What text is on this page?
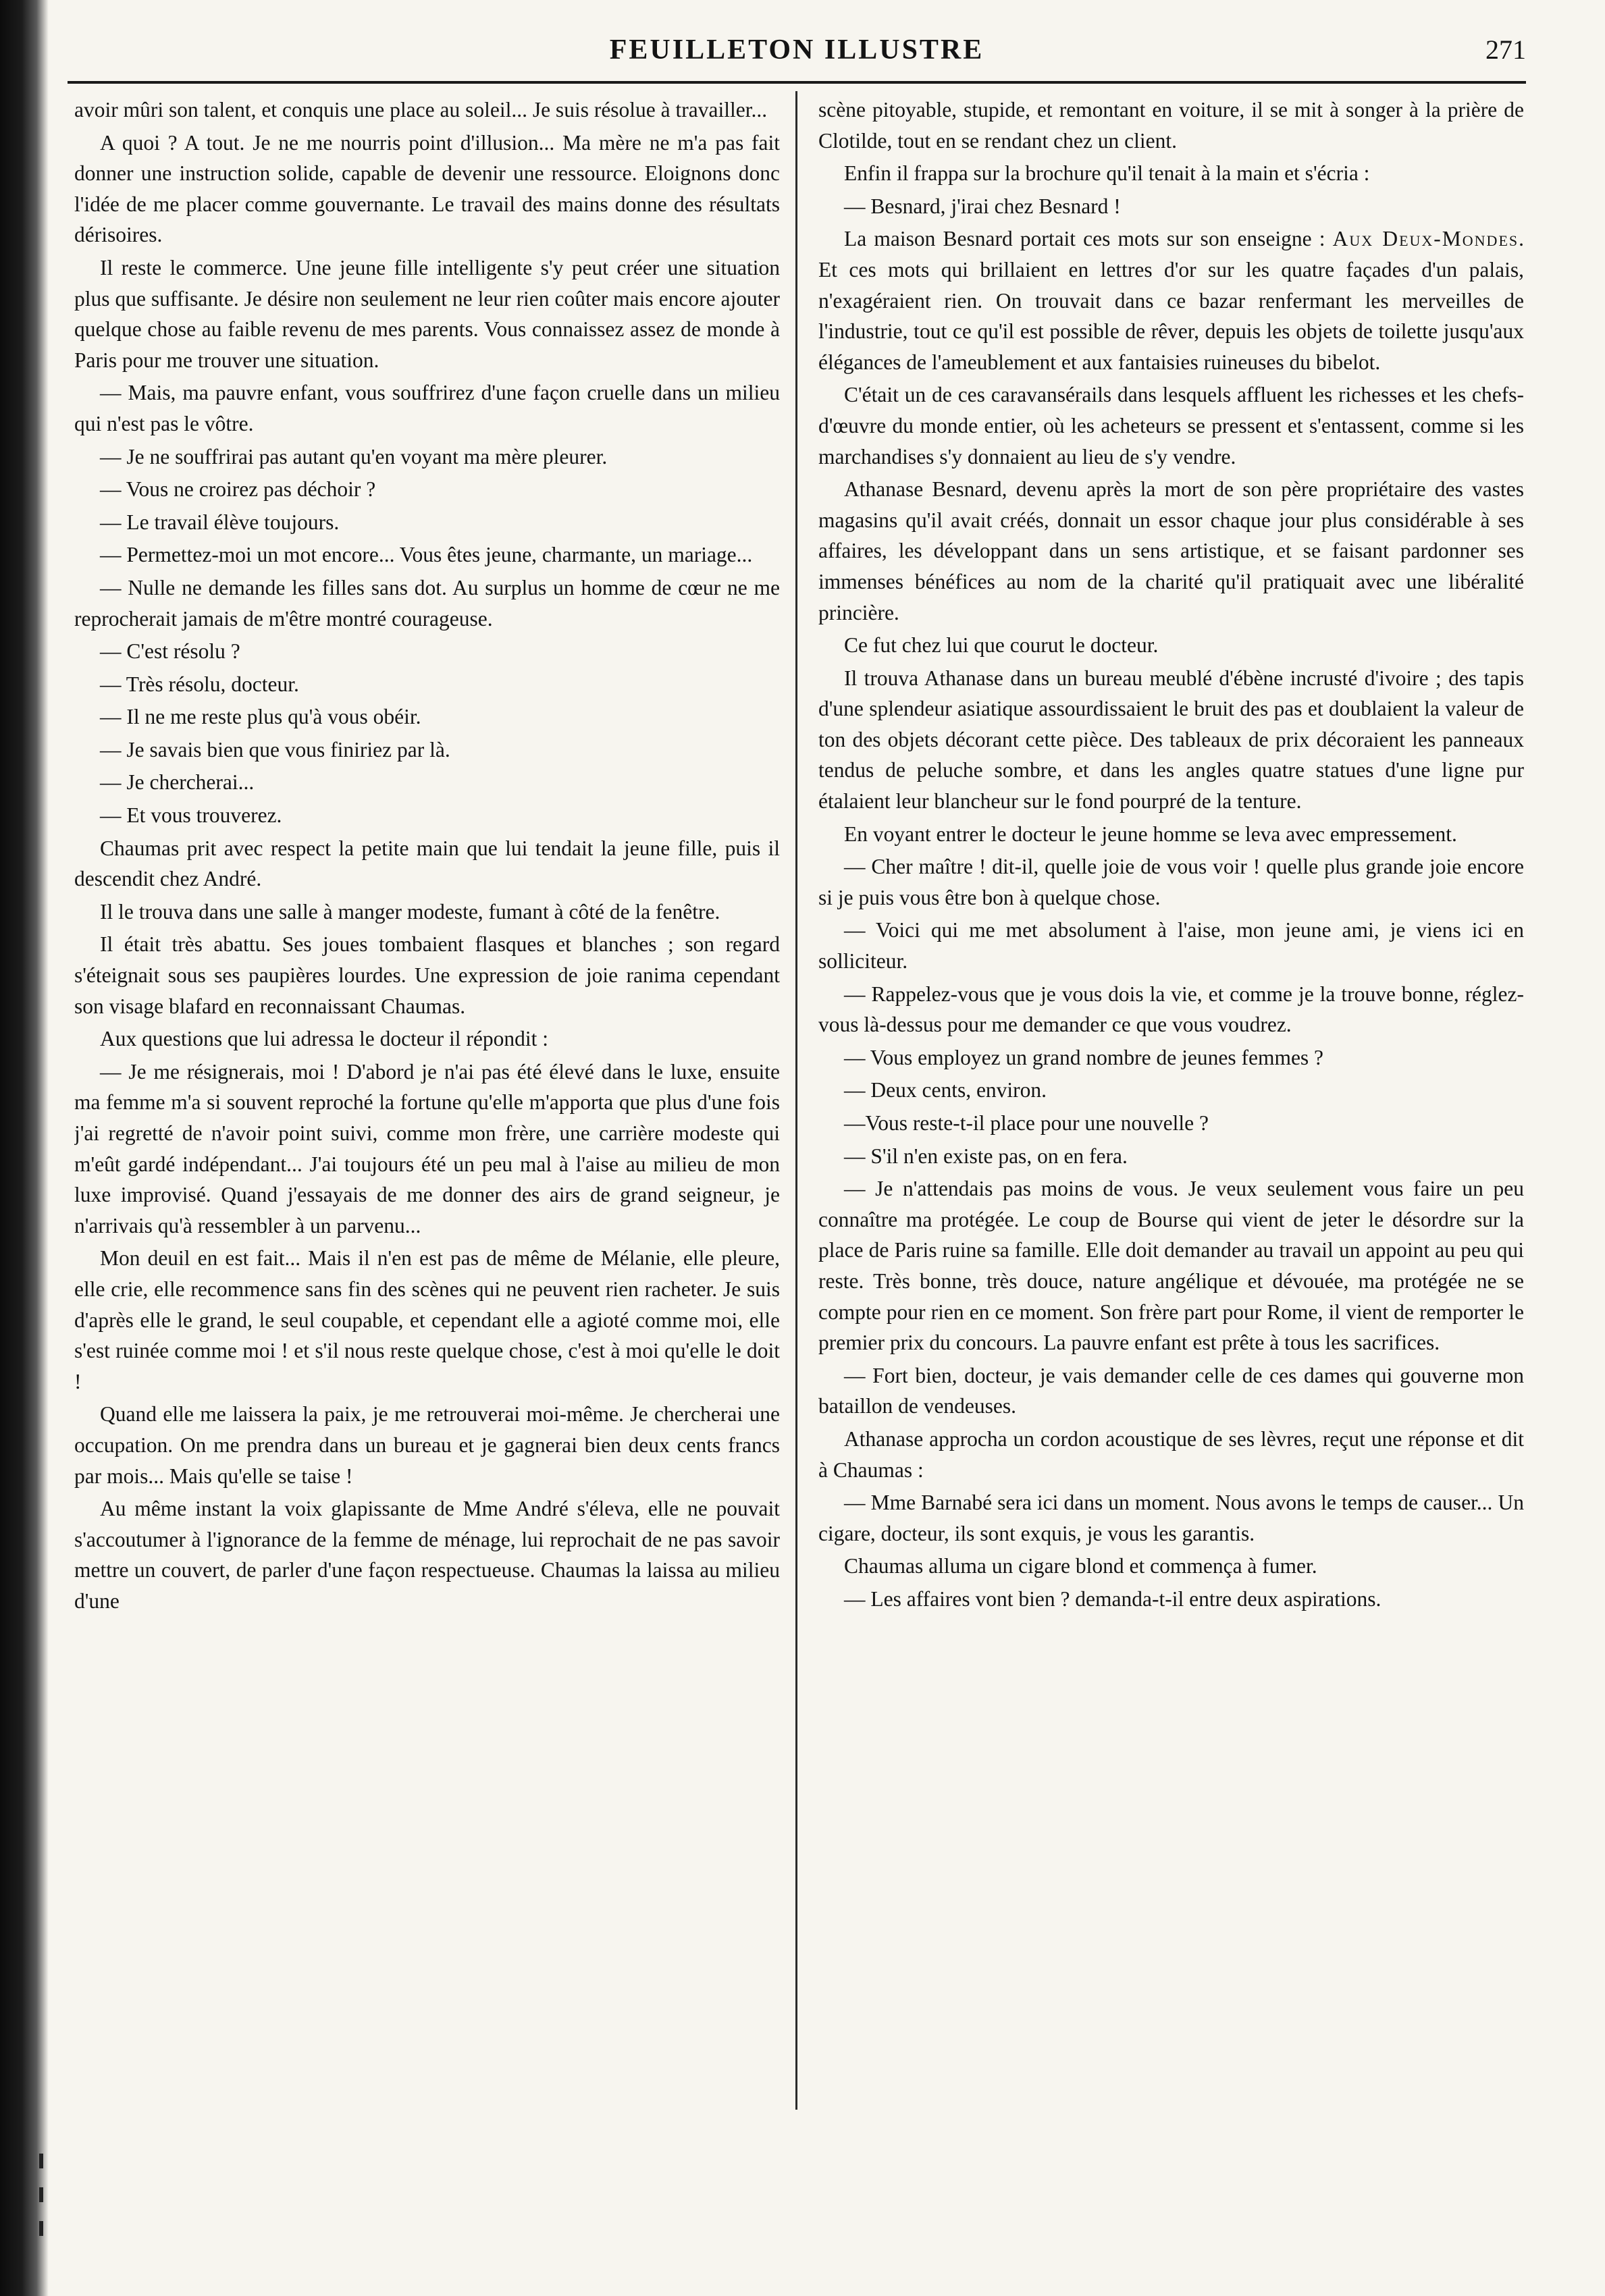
FEUILLETON ILLUSTRE	271

avoir mûri son talent, et conquis une place au soleil... Je suis résolue à travailler...

A quoi ? A tout. Je ne me nourris point d'illusion... Ma mère ne m'a pas fait donner une instruction solide, capable de devenir une ressource. Eloignons donc l'idée de me placer comme gouvernante. Le travail des mains donne des résultats dérisoires.

Il reste le commerce. Une jeune fille intelligente s'y peut créer une situation plus que suffisante. Je désire non seulement ne leur rien coûter mais encore ajouter quelque chose au faible revenu de mes parents. Vous connaissez assez de monde à Paris pour me trouver une situation.

— Mais, ma pauvre enfant, vous souffrirez d'une façon cruelle dans un milieu qui n'est pas le vôtre.

— Je ne souffrirai pas autant qu'en voyant ma mère pleurer.

— Vous ne croirez pas déchoir ?

— Le travail élève toujours.

— Permettez-moi un mot encore... Vous êtes jeune, charmante, un mariage...

— Nulle ne demande les filles sans dot. Au surplus un homme de cœur ne me reprocherait jamais de m'être montré courageuse.

— C'est résolu ?

— Très résolu, docteur.

— Il ne me reste plus qu'à vous obéir.

— Je savais bien que vous finiriez par là.

— Je chercherai...

— Et vous trouverez.

Chaumas prit avec respect la petite main que lui tendait la jeune fille, puis il descendit chez André.

Il le trouva dans une salle à manger modeste, fumant à côté de la fenêtre.

Il était très abattu. Ses joues tombaient flasques et blanches ; son regard s'éteignait sous ses paupières lourdes. Une expression de joie ranima cependant son visage blafard en reconnaissant Chaumas.

Aux questions que lui adressa le docteur il répondit :

— Je me résignerais, moi ! D'abord je n'ai pas été élevé dans le luxe, ensuite ma femme m'a si souvent reproché la fortune qu'elle m'apporta que plus d'une fois j'ai regretté de n'avoir point suivi, comme mon frère, une carrière modeste qui m'eût gardé indépendant... J'ai toujours été un peu mal à l'aise au milieu de mon luxe improvisé. Quand j'essayais de me donner des airs de grand seigneur, je n'arrivais qu'à ressembler à un parvenu...

Mon deuil en est fait... Mais il n'en est pas de même de Mélanie, elle pleure, elle crie, elle recommence sans fin des scènes qui ne peuvent rien racheter. Je suis d'après elle le grand, le seul coupable, et cependant elle a agioté comme moi, elle s'est ruinée comme moi ! et s'il nous reste quelque chose, c'est à moi qu'elle le doit !

Quand elle me laissera la paix, je me retrouverai moi-même. Je chercherai une occupation. On me prendra dans un bureau et je gagnerai bien deux cents francs par mois... Mais qu'elle se taise !

Au même instant la voix glapissante de Mme André s'éleva, elle ne pouvait s'accoutumer à l'ignorance de la femme de ménage, lui reprochait de ne pas savoir mettre un couvert, de parler d'une façon respectueuse. Chaumas la laissa au milieu d'une

scène pitoyable, stupide, et remontant en voiture, il se mit à songer à la prière de Clotilde, tout en se rendant chez un client.

Enfin il frappa sur la brochure qu'il tenait à la main et s'écria :

— Besnard, j'irai chez Besnard !

La maison Besnard portait ces mots sur son enseigne : Aux Deux-Mondes. Et ces mots qui brillaient en lettres d'or sur les quatre façades d'un palais, n'exagéraient rien. On trouvait dans ce bazar renfermant les merveilles de l'industrie, tout ce qu'il est possible de rêver, depuis les objets de toilette jusqu'aux élégances de l'ameublement et aux fantaisies ruineuses du bibelot.

C'était un de ces caravansérails dans lesquels affluent les richesses et les chefs-d'œuvre du monde entier, où les acheteurs se pressent et s'entassent, comme si les marchandises s'y donnaient au lieu de s'y vendre.

Athanase Besnard, devenu après la mort de son père propriétaire des vastes magasins qu'il avait créés, donnait un essor chaque jour plus considérable à ses affaires, les développant dans un sens artistique, et se faisant pardonner ses immenses bénéfices au nom de la charité qu'il pratiquait avec une libéralité princière.

Ce fut chez lui que courut le docteur.

Il trouva Athanase dans un bureau meublé d'ébène incrusté d'ivoire ; des tapis d'une splendeur asiatique assourdissaient le bruit des pas et doublaient la valeur de ton des objets décorant cette pièce. Des tableaux de prix décoraient les panneaux tendus de peluche sombre, et dans les angles quatre statues d'une ligne pur étalaient leur blancheur sur le fond pourpré de la tenture.

En voyant entrer le docteur le jeune homme se leva avec empressement.

— Cher maître ! dit-il, quelle joie de vous voir ! quelle plus grande joie encore si je puis vous être bon à quelque chose.

— Voici qui me met absolument à l'aise, mon jeune ami, je viens ici en solliciteur.

— Rappelez-vous que je vous dois la vie, et comme je la trouve bonne, réglez-vous là-dessus pour me demander ce que vous voudrez.

— Vous employez un grand nombre de jeunes femmes ?

— Deux cents, environ.

—Vous reste-t-il place pour une nouvelle ?

— S'il n'en existe pas, on en fera.

— Je n'attendais pas moins de vous. Je veux seulement vous faire un peu connaître ma protégée. Le coup de Bourse qui vient de jeter le désordre sur la place de Paris ruine sa famille. Elle doit demander au travail un appoint au peu qui reste. Très bonne, très douce, nature angélique et dévouée, ma protégée ne se compte pour rien en ce moment. Son frère part pour Rome, il vient de remporter le premier prix du concours. La pauvre enfant est prête à tous les sacrifices.

— Fort bien, docteur, je vais demander celle de ces dames qui gouverne mon bataillon de vendeuses.

Athanase approcha un cordon acoustique de ses lèvres, reçut une réponse et dit à Chaumas :

— Mme Barnabé sera ici dans un moment. Nous avons le temps de causer... Un cigare, docteur, ils sont exquis, je vous les garantis.

Chaumas alluma un cigare blond et commença à fumer.

— Les affaires vont bien ? demanda-t-il entre deux aspirations.
